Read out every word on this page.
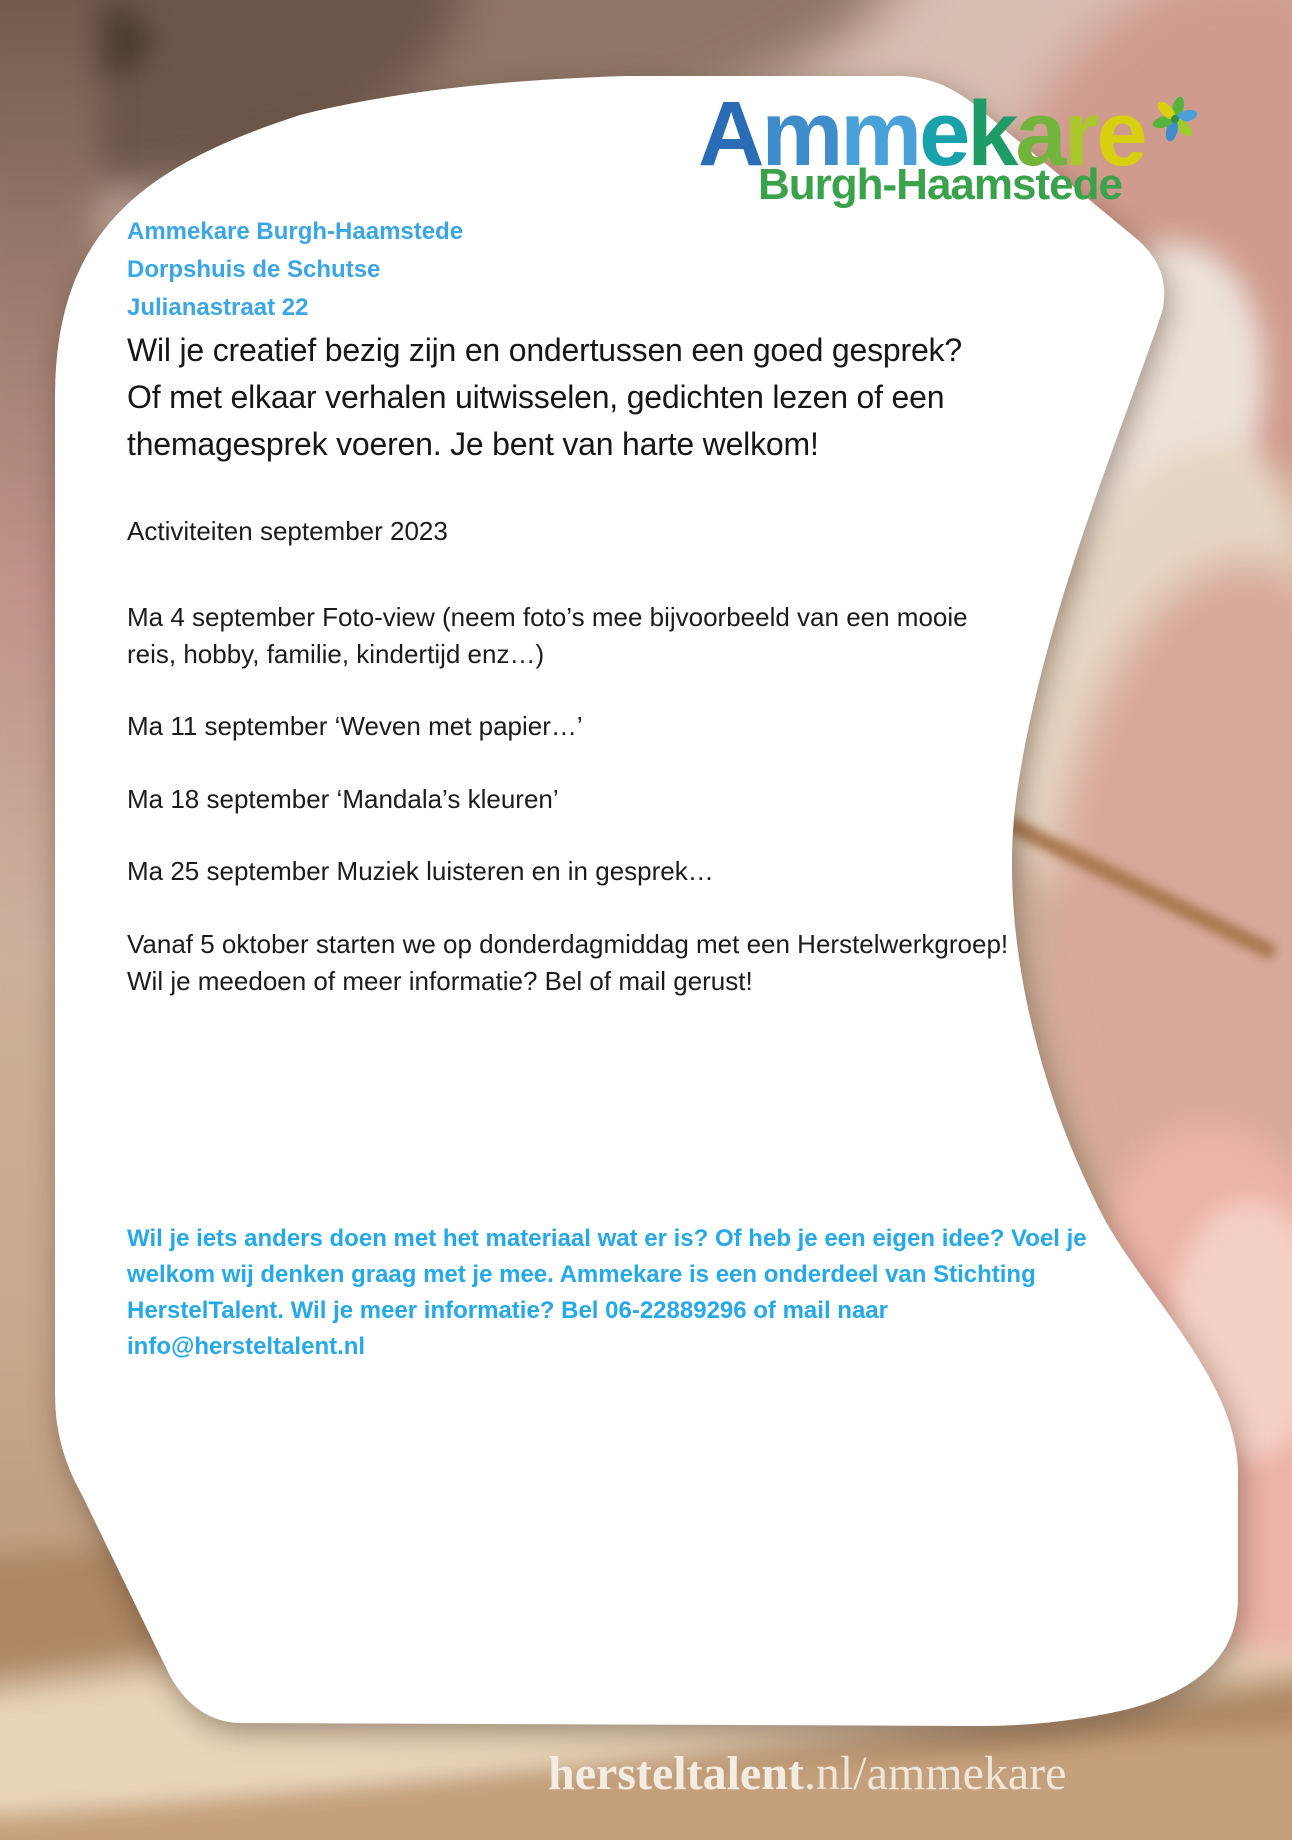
Ammekare
Burgh-Haamstede
Ammekare Burgh-Haamstede
Dorpshuis de Schutse
Julianastraat 22
Wil je creatief bezig zijn en ondertussen een goed gesprek?
Of met elkaar verhalen uitwisselen, gedichten lezen of een
themagesprek voeren. Je bent van harte welkom!
Activiteiten september 2023
Ma 4 september Foto-view (neem foto’s mee bijvoorbeeld van een mooie
reis, hobby, familie, kindertijd enz…)
Ma 11 september ‘Weven met papier…’
Ma 18 september ‘Mandala’s kleuren’
Ma 25 september Muziek luisteren en in gesprek…
Vanaf 5 oktober starten we op donderdagmiddag met een Herstelwerkgroep!
Wil je meedoen of meer informatie? Bel of mail gerust!
Wil je iets anders doen met het materiaal wat er is? Of heb je een eigen idee? Voel je
welkom wij denken graag met je mee. Ammekare is een onderdeel van Stichting
HerstelTalent. Wil je meer informatie? Bel 06-22889296 of mail naar
info@hersteltalent.nl
hersteltalent.nl/ammekare
